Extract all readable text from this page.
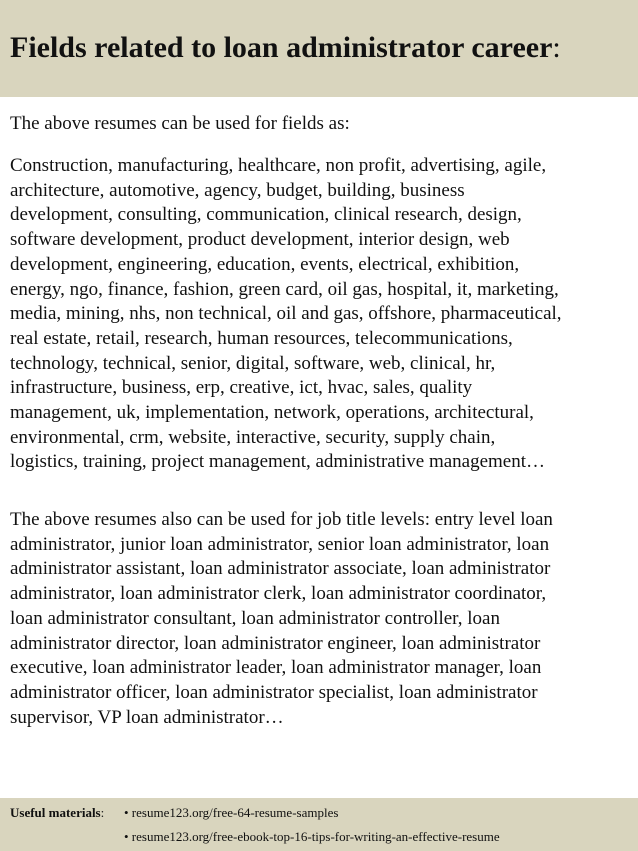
Fields related to loan administrator career:

The above resumes can be used for fields as:

Construction, manufacturing, healthcare, non profit, advertising, agile,
architecture, automotive, agency, budget, building, business
development, consulting, communication, clinical research, design,
software development, product development, interior design, web
development, engineering, education, events, electrical, exhibition,
energy, ngo, finance, fashion, green card, oil gas, hospital, it, marketing,
media, mining, nhs, non technical, oil and gas, offshore, pharmaceutical,
real estate, retail, research, human resources, telecommunications,
technology, technical, senior, digital, software, web, clinical, hr,
infrastructure, business, erp, creative, ict, hvac, sales, quality
management, uk, implementation, network, operations, architectural,
environmental, crm, website, interactive, security, supply chain,
logistics, training, project management, administrative management…

The above resumes also can be used for job title levels: entry level loan
administrator, junior loan administrator, senior loan administrator, loan
administrator assistant, loan administrator associate, loan administrator
administrator, loan administrator clerk, loan administrator coordinator,
loan administrator consultant, loan administrator controller, loan
administrator director, loan administrator engineer, loan administrator
executive, loan administrator leader, loan administrator manager, loan
administrator officer, loan administrator specialist, loan administrator
supervisor, VP loan administrator…

Useful materials: • resume123.org/free-64-resume-samples
• resume123.org/free-ebook-top-16-tips-for-writing-an-effective-resume
